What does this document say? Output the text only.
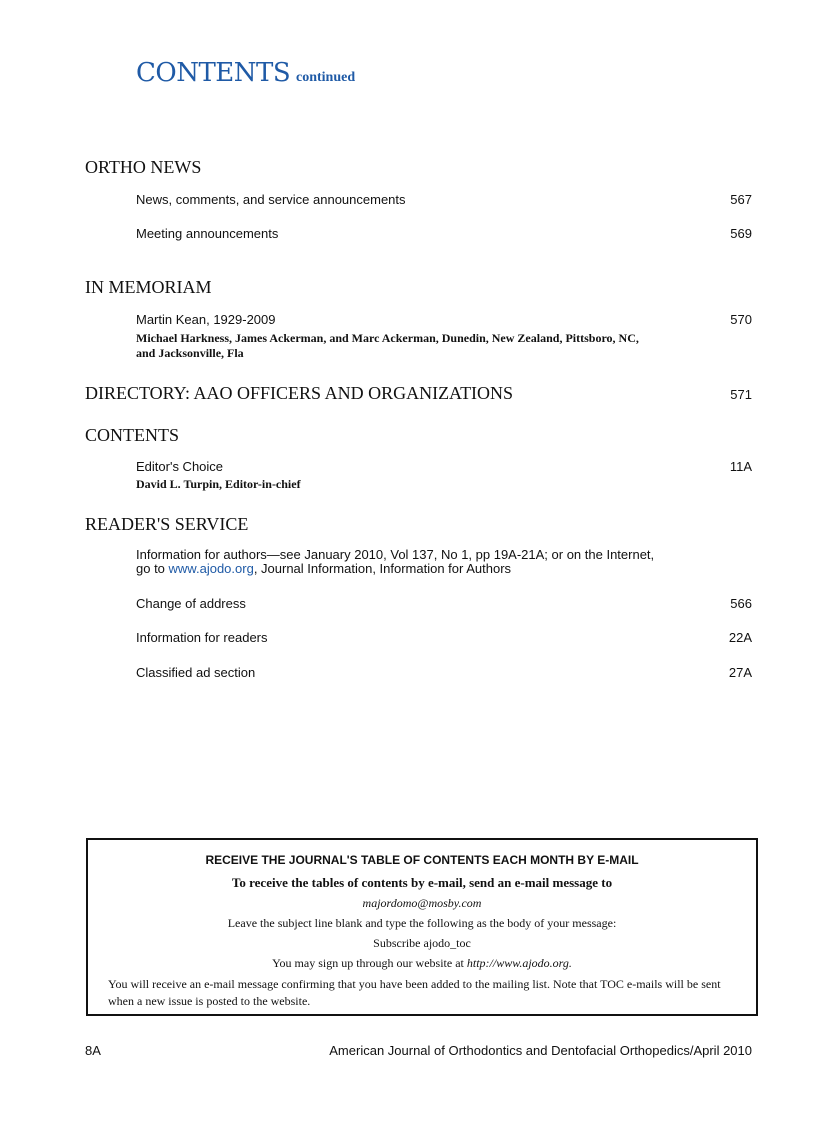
CONTENTS continued
ORTHO NEWS
News, comments, and service announcements	567
Meeting announcements	569
IN MEMORIAM
Martin Kean, 1929-2009	570
Michael Harkness, James Ackerman, and Marc Ackerman, Dunedin, New Zealand, Pittsboro, NC,
and Jacksonville, Fla
DIRECTORY: AAO OFFICERS AND ORGANIZATIONS	571
CONTENTS
Editor's Choice	11A
David L. Turpin, Editor-in-chief
READER'S SERVICE
Information for authors—see January 2010, Vol 137, No 1, pp 19A-21A; or on the Internet,
go to www.ajodo.org, Journal Information, Information for Authors
Change of address	566
Information for readers	22A
Classified ad section	27A
RECEIVE THE JOURNAL'S TABLE OF CONTENTS EACH MONTH BY E-MAIL
To receive the tables of contents by e-mail, send an e-mail message to
majordomo@mosby.com
Leave the subject line blank and type the following as the body of your message:
Subscribe ajodo_toc
You may sign up through our website at http://www.ajodo.org.
You will receive an e-mail message confirming that you have been added to the mailing list. Note that TOC e-mails will be sent when a new issue is posted to the website.
8A	American Journal of Orthodontics and Dentofacial Orthopedics/April 2010
